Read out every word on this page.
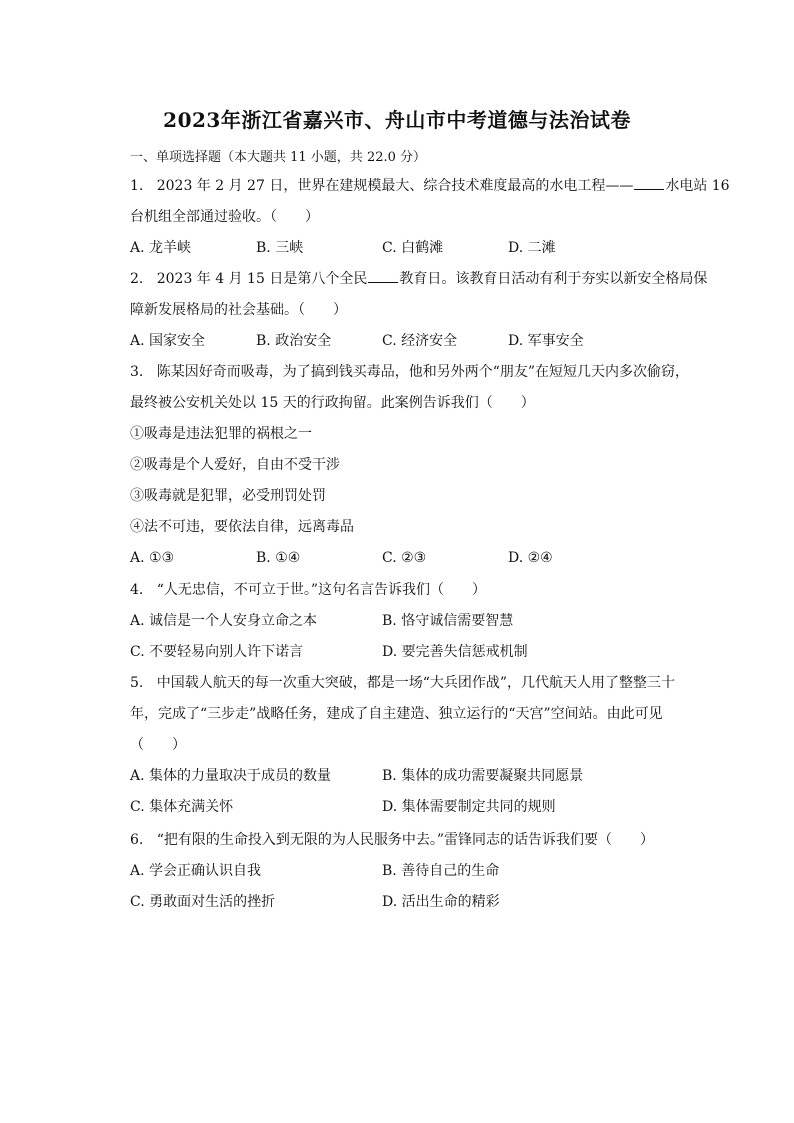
2023年浙江省嘉兴市、舟山市中考道德与法治试卷
一、单项选择题（本大题共 11 小题，共 22.0 分）
1. 2023 年 2 月 27 日，世界在建规模最大、综合技术难度最高的水电工程—— 水电站 16
台机组全部通过验收。（　　）
A. 龙羊峡	B. 三峡	C. 白鹤滩	D. 二滩
2. 2023 年 4 月 15 日是第八个全民 教育日。该教育日活动有利于夯实以新安全格局保
障新发展格局的社会基础。（　　）
A. 国家安全	B. 政治安全	C. 经济安全	D. 军事安全
3. 陈某因好奇而吸毒，为了搞到钱买毒品，他和另外两个“朋友”在短短几天内多次偷窃，
最终被公安机关处以 15 天的行政拘留。此案例告诉我们（　　）
①吸毒是违法犯罪的祸根之一
②吸毒是个人爱好，自由不受干涉
③吸毒就是犯罪，必受刑罚处罚
④法不可违，要依法自律，远离毒品
A. ①③	B. ①④	C. ②③	D. ②④
4. “人无忠信，不可立于世。”这句名言告诉我们（　　）
A. 诚信是一个人安身立命之本	B. 恪守诚信需要智慧
C. 不要轻易向别人许下诺言	D. 要完善失信惩戒机制
5. 中国载人航天的每一次重大突破，都是一场“大兵团作战”，几代航天人用了整整三十
年，完成了“三步走”战略任务，建成了自主建造、独立运行的“天宫”空间站。由此可见
（　　）
A. 集体的力量取决于成员的数量	B. 集体的成功需要凝聚共同愿景
C. 集体充满关怀	D. 集体需要制定共同的规则
6. “把有限的生命投入到无限的为人民服务中去。”雷锋同志的话告诉我们要（　　）
A. 学会正确认识自我	B. 善待自己的生命
C. 勇敢面对生活的挫折	D. 活出生命的精彩
